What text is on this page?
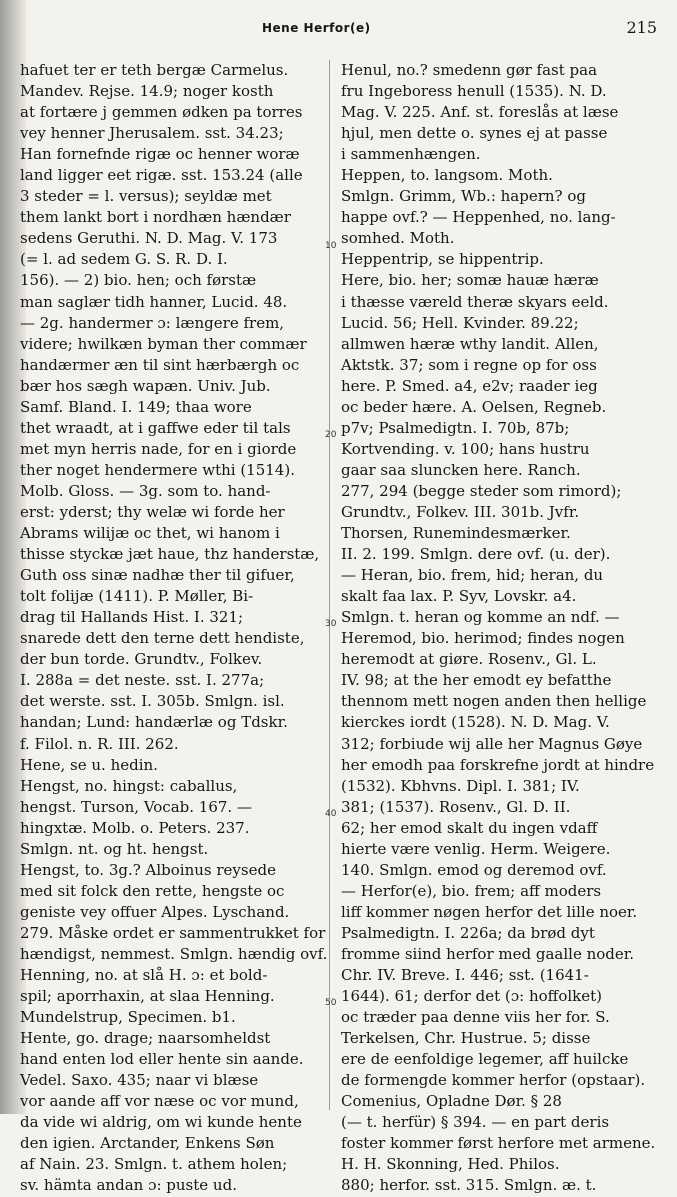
Hene Herfor(e)	215
hafuet ter er teth bergæ Carmelus.
Mandev. Rejse. 14.9; noger kosth
at fortære j gemmen ødken pa torres
vey henner Jherusalem. sst. 34.23;
Han fornefnde rigæ oc henner woræ
land ligger eet rigæ. sst. 153.24 (alle
3 steder = l. versus); seyldæ met
them lankt bort i nordhæn hændær
sedens Geruthi. N. D. Mag. V. 173
(= l. ad sedem G. S. R. D. I.
156). — 2) bio. hen; och førstæ
man saglær tidh hanner, Lucid. 48.
— 2g. handermer ɔ: længere frem,
videre; hwilkæn byman ther commær
handærmer æn til sint hærbærgh oc
bær hos sægh wapæn. Univ. Jub.
Samf. Bland. I. 149; thaa wore
thet wraadt, at i gaffwe eder til tals
met myn herris nade, for en i giorde
ther noget hendermere wthi (1514).
Molb. Gloss. — 3g. som to. hand-
erst: yderst; thy welæ wi forde her
Abrams wilijæ oc thet, wi hanom i
thisse styckæ jæt haue, thz handerstæ,
Guth oss sinæ nadhæ ther til gifuer,
tolt folijæ (1411). P. Møller, Bi-
drag til Hallands Hist. I. 321;
snarede dett den terne dett hendiste,
der bun torde. Grundtv., Folkev.
I. 288a = det neste. sst. I. 277a;
det werste. sst. I. 305b. Smlgn. isl.
handan; Lund: handærlæ og Tdskr.
f. Filol. n. R. III. 262.
Hene, se u. hedin.
Hengst, no. hingst: caballus,
hengst. Turson, Vocab. 167. —
hingxtæ. Molb. o. Peters. 237.
Smlgn. nt. og ht. hengst.
Hengst, to. 3g.? Alboinus reysede
med sit folck den rette, hengste oc
geniste vey offuer Alpes. Lyschand.
279. Måske ordet er sammentrukket for
hændigst, nemmest. Smlgn. hændig ovf.
Henning, no. at slå H. ɔ: et bold-
spil; aporrhaxin, at slaa Henning.
Mundelstrup, Specimen. b1.
Hente, go. drage; naarsomheldst
hand enten lod eller hente sin aande.
Vedel. Saxo. 435; naar vi blæse
vor aande aff vor næse oc vor mund,
da vide wi aldrig, om wi kunde hente
den igien. Arctander, Enkens Søn
af Nain. 23. Smlgn. t. athem holen;
sv. hämta andan ɔ: puste ud.
Henul, no.? smedenn gør fast paa
fru Ingeboress henull (1535). N. D.
Mag. V. 225. Anf. st. foreslås at læse
hjul, men dette o. synes ej at passe
i sammenhængen.
Heppen, to. langsom. Moth.
Smlgn. Grimm, Wb.: hapern? og
happe ovf.? — Heppenhed, no. lang-
somhed. Moth.
Heppentrip, se hippentrip.
Here, bio. her; somæ hauæ hæræ
i thæsse væreld theræ skyars eeld.
Lucid. 56; Hell. Kvinder. 89.22;
allmwen hæræ wthy landit. Allen,
Aktstk. 37; som i regne op for oss
here. P. Smed. a4, e2v; raader ieg
oc beder hære. A. Oelsen, Regneb.
p7v; Psalmedigtn. I. 70b, 87b;
Kortvending. v. 100; hans hustru
gaar saa sluncken here. Ranch.
277, 294 (begge steder som rimord);
Grundtv., Folkev. III. 301b. Jvfr.
Thorsen, Runemindesmærker.
II. 2. 199. Smlgn. dere ovf. (u. der).
— Heran, bio. frem, hid; heran, du
skalt faa lax. P. Syv, Lovskr. a4.
Smlgn. t. heran og komme an ndf. —
Heremod, bio. herimod; findes nogen
heremodt at giøre. Rosenv., Gl. L.
IV. 98; at the her emodt ey befatthe
thennom mett nogen anden then hellige
kierckes iordt (1528). N. D. Mag. V.
312; forbiude wij alle her Magnus Gøye
her emodh paa forskrefne jordt at hindre
(1532). Kbhvns. Dipl. I. 381; IV.
381; (1537). Rosenv., Gl. D. II.
62; her emod skalt du ingen vdaff
hierte være venlig. Herm. Weigere.
140. Smlgn. emod og deremod ovf.
— Herfor(e), bio. frem; aff moders
liff kommer nøgen herfor det lille noer.
Psalmedigtn. I. 226a; da brød dyt
fromme siind herfor med gaalle noder.
Chr. IV. Breve. I. 446; sst. (1641-
1644). 61; derfor det (ɔ: hoffolket)
oc træder paa denne viis her for. S.
Terkelsen, Chr. Hustrue. 5; disse
ere de eenfoldige legemer, aff huilcke
de formengde kommer herfor (opstaar).
Comenius, Opladne Dør. § 28
(— t. herfür) § 394. — en part deris
foster kommer først herfore met armene.
H. H. Skonning, Hed. Philos.
880; herfor. sst. 315. Smlgn. æ. t.
10
20
30
40
50
